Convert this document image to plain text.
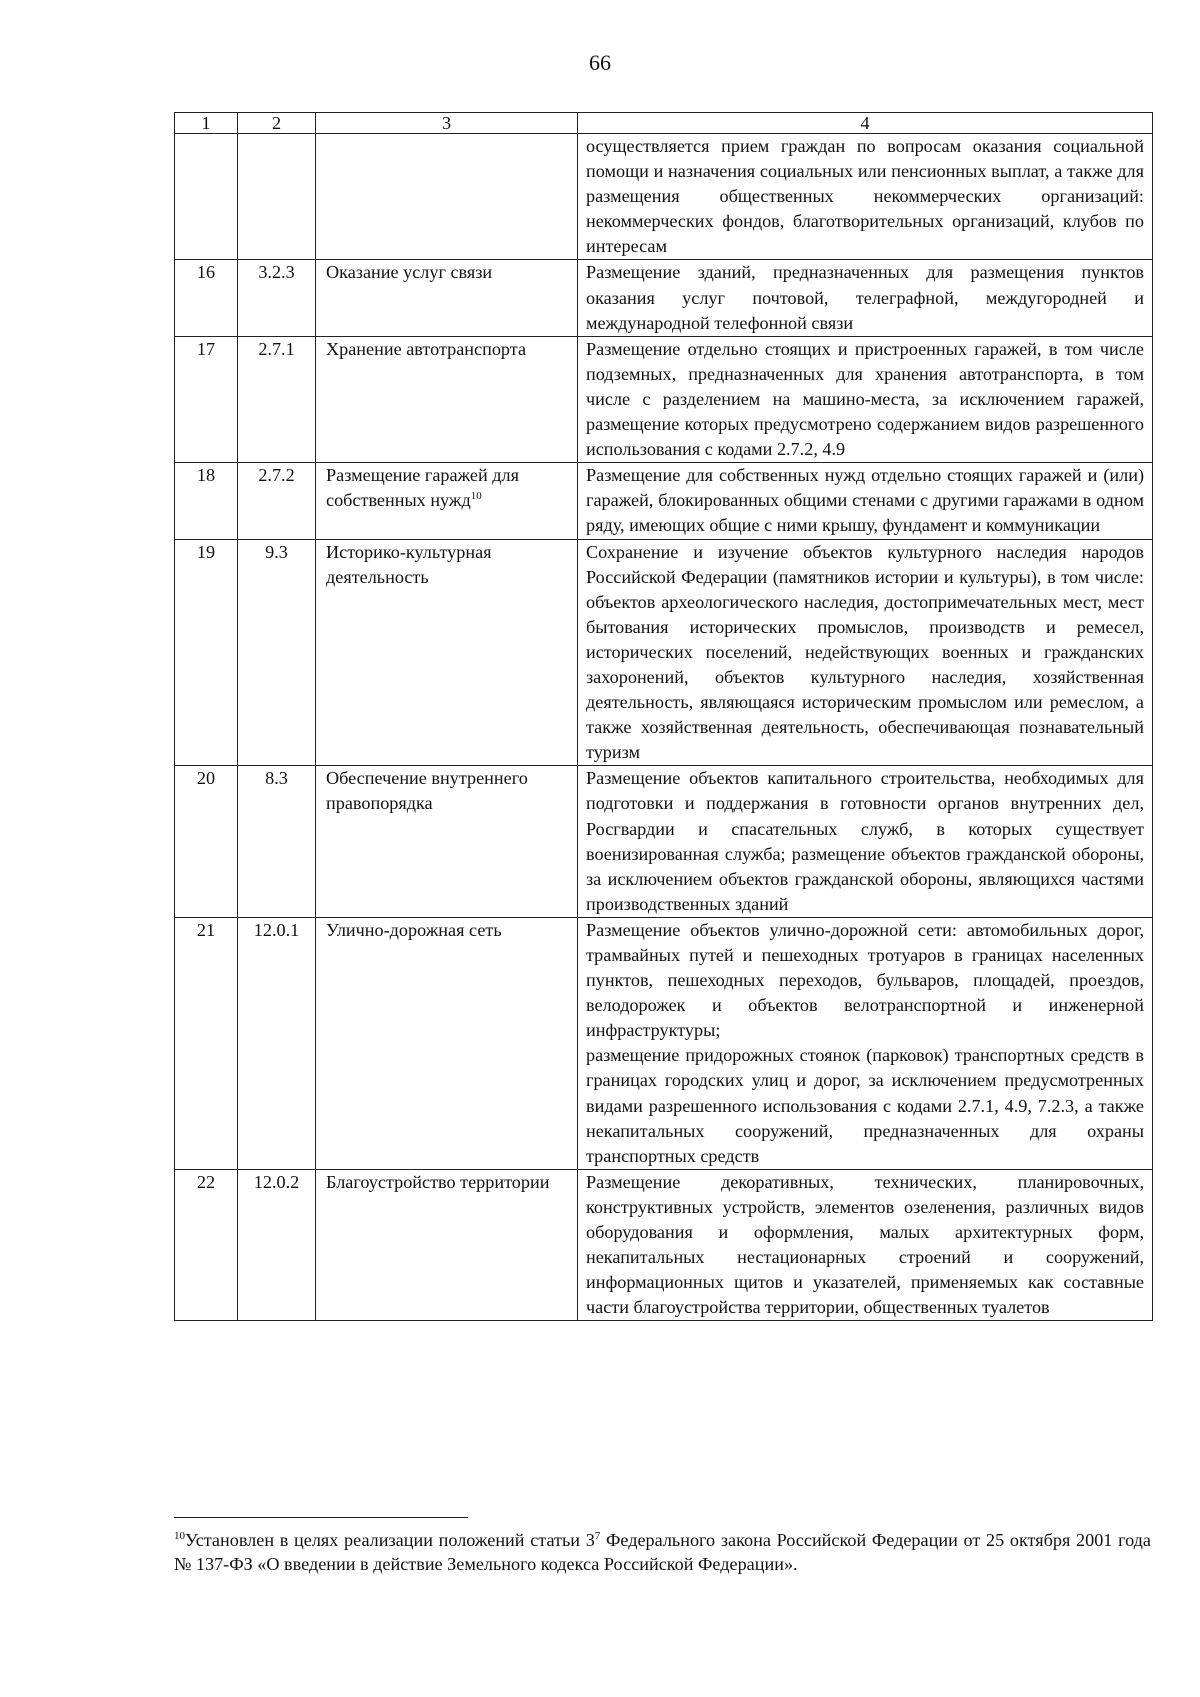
66
1	2	3	4
			осуществляется прием граждан по вопросам оказания социальной помощи и назначения социальных или пенсионных выплат, а также для размещения общественных некоммерческих организаций: некоммерческих фондов, благотворительных организаций, клубов по интересам
16	3.2.3	Оказание услуг связи	Размещение зданий, предназначенных для размещения пунктов оказания услуг почтовой, телеграфной, междугородней и международной телефонной связи
17	2.7.1	Хранение автотранспорта	Размещение отдельно стоящих и пристроенных гаражей, в том числе подземных, предназначенных для хранения автотранспорта, в том числе с разделением на машино-места, за исключением гаражей, размещение которых предусмотрено содержанием видов разрешенного использования с кодами 2.7.2, 4.9
18	2.7.2	Размещение гаражей для собственных нужд$^{10}$	Размещение для собственных нужд отдельно стоящих гаражей и (или) гаражей, блокированных общими стенами с другими гаражами в одном ряду, имеющих общие с ними крышу, фундамент и коммуникации
19	9.3	Историко-культурная деятельность	Сохранение и изучение объектов культурного наследия народов Российской Федерации (памятников истории и культуры), в том числе: объектов археологического наследия, достопримечательных мест, мест бытования исторических промыслов, производств и ремесел, исторических поселений, недействующих военных и гражданских захоронений, объектов культурного наследия, хозяйственная деятельность, являющаяся историческим промыслом или ремеслом, а также хозяйственная деятельность, обеспечивающая познавательный туризм
20	8.3	Обеспечение внутреннего правопорядка	Размещение объектов капитального строительства, необходимых для подготовки и поддержания в готовности органов внутренних дел, Росгвардии и спасательных служб, в которых существует военизированная служба; размещение объектов гражданской обороны, за исключением объектов гражданской обороны, являющихся частями производственных зданий
21	12.0.1	Улично-дорожная сеть	Размещение объектов улично-дорожной сети: автомобильных дорог, трамвайных путей и пешеходных тротуаров в границах населенных пунктов, пешеходных переходов, бульваров, площадей, проездов, велодорожек и объектов велотранспортной и инженерной инфраструктуры;
размещение придорожных стоянок (парковок) транспортных средств в границах городских улиц и дорог, за исключением предусмотренных видами разрешенного использования с кодами 2.7.1, 4.9, 7.2.3, а также некапитальных сооружений, предназначенных для охраны транспортных средств

22	12.0.2	Благоустройство территории	Размещение декоративных, технических, планировочных, конструктивных устройств, элементов озеленения, различных видов оборудования и оформления, малых архитектурных форм, некапитальных нестационарных строений и сооружений, информационных щитов и указателей, применяемых как составные части благоустройства территории, общественных туалетов
$^{10}$Установлен в целях реализации положений статьи $3^7$ Федерального закона Российской Федерации от 25 октября 2001 года № 137-ФЗ «О введении в действие Земельного кодекса Российской Федерации».
